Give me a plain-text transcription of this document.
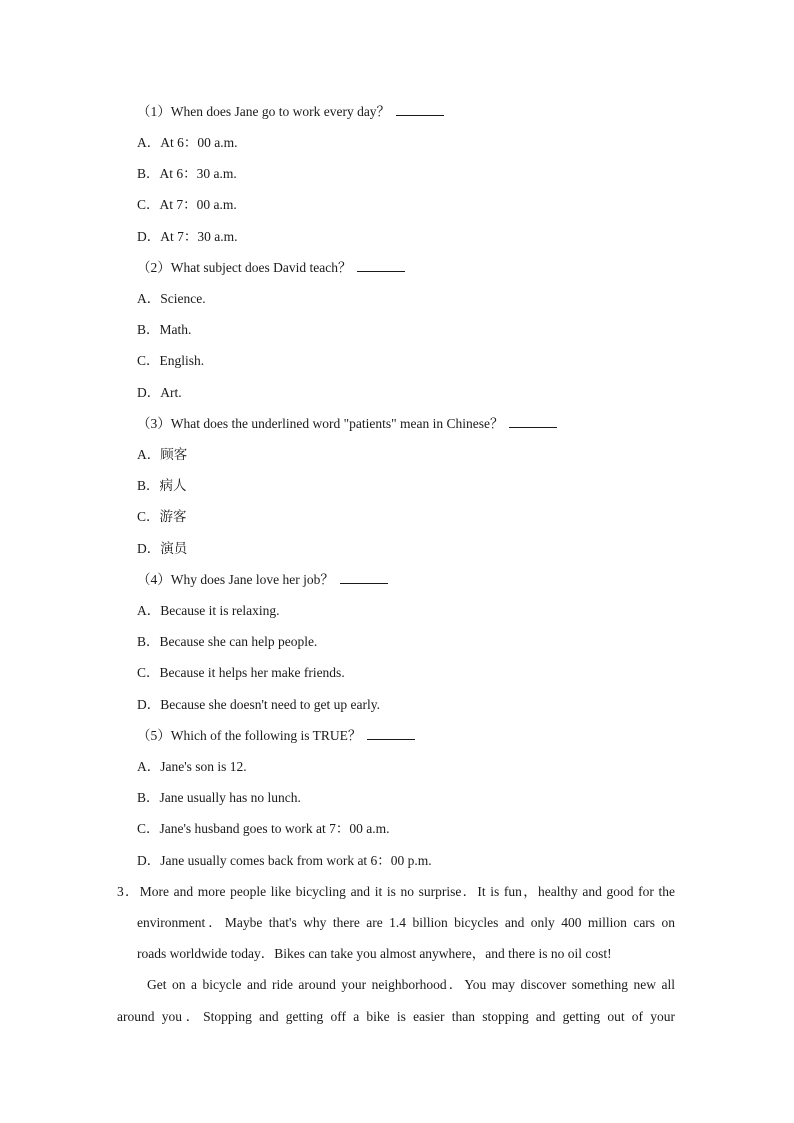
（1）When does Jane go to work every day？
A．At 6：00 a.m.
B．At 6：30 a.m.
C．At 7：00 a.m.
D．At 7：30 a.m.
（2）What subject does David teach？
A．Science.
B．Math.
C．English.
D．Art.
（3）What does the underlined word "patients" mean in Chinese？
A．顾客
B．病人
C．游客
D．演员
（4）Why does Jane love her job？
A．Because it is relaxing.
B．Because she can help people.
C．Because it helps her make friends.
D．Because she doesn't need to get up early.
（5）Which of the following is TRUE？
A．Jane's son is 12.
B．Jane usually has no lunch.
C．Jane's husband goes to work at 7：00 a.m.
D．Jane usually comes back from work at 6：00 p.m.
3．More and more people like bicycling and it is no surprise．It is fun，healthy and good for the
environment．Maybe that's why there are 1.4 billion bicycles and only 400 million cars on
roads worldwide today．Bikes can take you almost anywhere，and there is no oil cost!
Get on a bicycle and ride around your neighborhood．You may discover something new all
around you．Stopping and getting off a bike is easier than stopping and getting out of your
